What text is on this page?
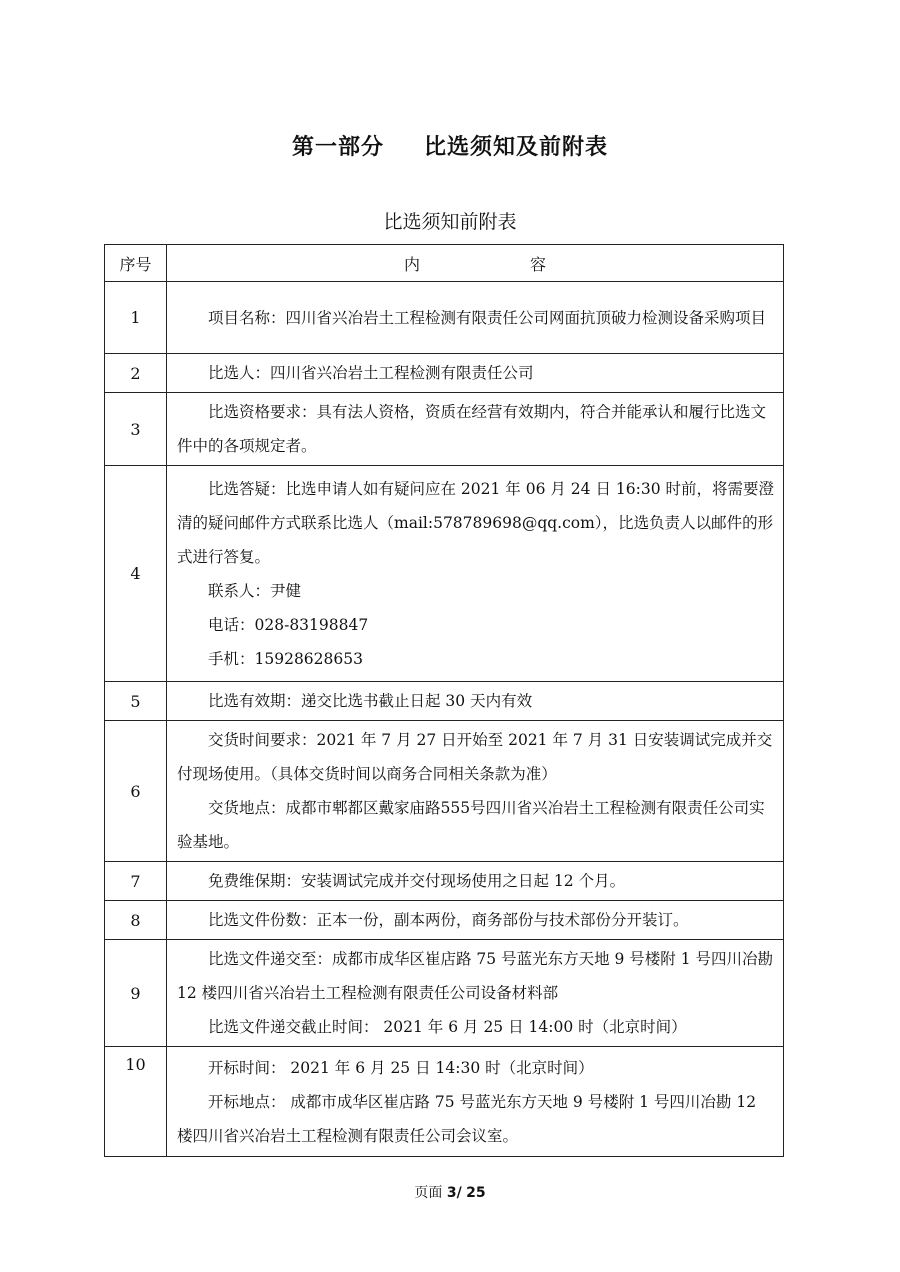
第一部分 比选须知及前附表
比选须知前附表
序号	内 容
1	项目名称：四川省兴冶岩土工程检测有限责任公司网面抗顶破力检测设备采购项目

2	比选人：四川省兴冶岩土工程检测有限责任公司

3	比选资格要求：具有法人资格，资质在经营有效期内，符合并能承认和履行比选文件中的各项规定者。

4	比选答疑：比选申请人如有疑问应在 2021 年 06 月 24 日 16:30 时前，将需要澄清的疑问邮件方式联系比选人（mail:578789698@qq.com），比选负责人以邮件的形式进行答复。
联系人：尹健
电话：028-83198847
手机：15928628653

5	比选有效期：递交比选书截止日起 30 天内有效

6	交货时间要求：2021 年 7 月 27 日开始至 2021 年 7 月 31 日安装调试完成并交付现场使用。（具体交货时间以商务合同相关条款为准）
交货地点：成都市郫都区戴家庙路555号四川省兴冶岩土工程检测有限责任公司实验基地。

7	免费维保期：安装调试完成并交付现场使用之日起 12 个月。

8	比选文件份数：正本一份，副本两份，商务部份与技术部份分开装订。

9	比选文件递交至：成都市成华区崔店路 75 号蓝光东方天地 9 号楼附 1 号四川冶勘 12 楼四川省兴冶岩土工程检测有限责任公司设备材料部
比选文件递交截止时间： 2021 年 6 月 25 日 14:00 时（北京时间）

10	开标时间： 2021 年 6 月 25 日 14:30 时（北京时间）
开标地点： 成都市成华区崔店路 75 号蓝光东方天地 9 号楼附 1 号四川冶勘 12 楼四川省兴冶岩土工程检测有限责任公司会议室。
页面 3/ 25
